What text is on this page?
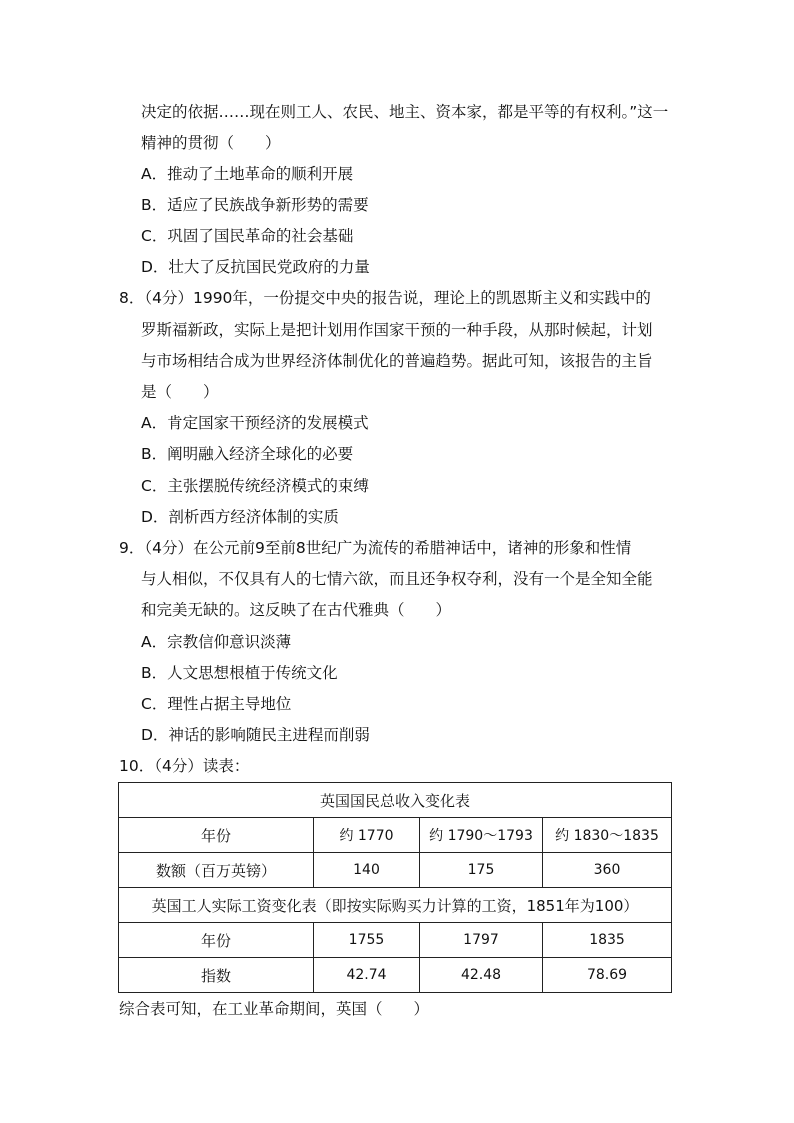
决定的依据……现在则工人、农民、地主、资本家，都是平等的有权利。”这一
精神的贯彻（　　）
A．推动了土地革命的顺利开展
B．适应了民族战争新形势的需要
C．巩固了国民革命的社会基础
D．壮大了反抗国民党政府的力量
8．（4分）1990年，一份提交中央的报告说，理论上的凯恩斯主义和实践中的
罗斯福新政，实际上是把计划用作国家干预的一种手段，从那时候起，计划
与市场相结合成为世界经济体制优化的普遍趋势。据此可知，该报告的主旨
是（　　）
A．肯定国家干预经济的发展模式
B．阐明融入经济全球化的必要
C．主张摆脱传统经济模式的束缚
D．剖析西方经济体制的实质
9．（4分）在公元前9至前8世纪广为流传的希腊神话中，诸神的形象和性情
与人相似，不仅具有人的七情六欲，而且还争权夺利，没有一个是全知全能
和完美无缺的。这反映了在古代雅典（　　）
A．宗教信仰意识淡薄
B．人文思想根植于传统文化
C．理性占据主导地位
D．神话的影响随民主进程而削弱
10．（4分）读表：
英国国民总收入变化表			
年份	约 1770	约 1790～1793	约 1830～1835
数额（百万英镑）	140	175	360
英国工人实际工资变化表（即按实际购买力计算的工资，1851年为100）			
年份	1755	1797	1835
指数	42.74	42.48	78.69
综合表可知，在工业革命期间，英国（　　）
